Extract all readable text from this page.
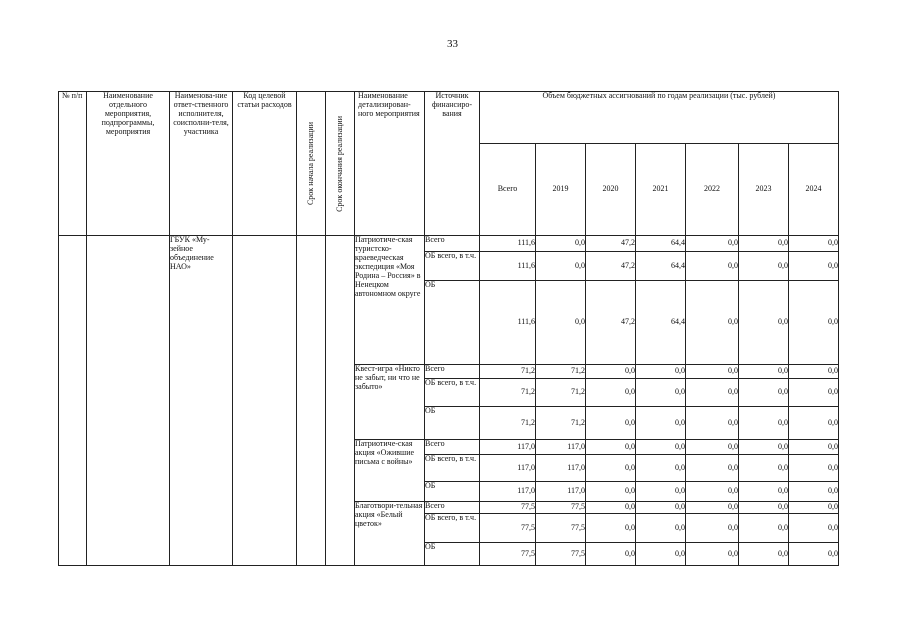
33
№ п/п	Наименование отдельного мероприятия, подпрограммы, мероприятия	Наименова-ние ответ-ственного исполнителя, соисполни-теля, участника	Код целевой статьи расходов	Срок начала реализации	Срок окончания реализации	Наименование детализирован-ного мероприятия	Источник финансиро-вания	Объем бюджетных ассигнований по годам реализации (тыс. рублей)						
								Всего	2019	2020	2021	2022	2023	2024
		ГБУК «Му-зейное объединение НАО»				Патриотиче-ская туристско-краеведческая экспедиция «Моя Родина – Россия» в Ненецком автономном округе	Всего	111,6	0,0	47,2	64,4	0,0	0,0	0,0
							ОБ всего, в т.ч.	111,6	0,0	47,2	64,4	0,0	0,0	0,0
							ОБ	111,6	0,0	47,2	64,4	0,0	0,0	0,0
						Квест-игра «Никто не забыт, ни что не забыто»	Всего	71,2	71,2	0,0	0,0	0,0	0,0	0,0
							ОБ всего, в т.ч.	71,2	71,2	0,0	0,0	0,0	0,0	0,0
							ОБ	71,2	71,2	0,0	0,0	0,0	0,0	0,0
						Патриотиче-ская акция «Ожившие письма с войны»	Всего	117,0	117,0	0,0	0,0	0,0	0,0	0,0
							ОБ всего, в т.ч.	117,0	117,0	0,0	0,0	0,0	0,0	0,0
							ОБ	117,0	117,0	0,0	0,0	0,0	0,0	0,0
						Благотвори-тельная акция «Белый цветок»	Всего	77,5	77,5	0,0	0,0	0,0	0,0	0,0
							ОБ всего, в т.ч.	77,5	77,5	0,0	0,0	0,0	0,0	0,0
							ОБ	77,5	77,5	0,0	0,0	0,0	0,0	0,0
